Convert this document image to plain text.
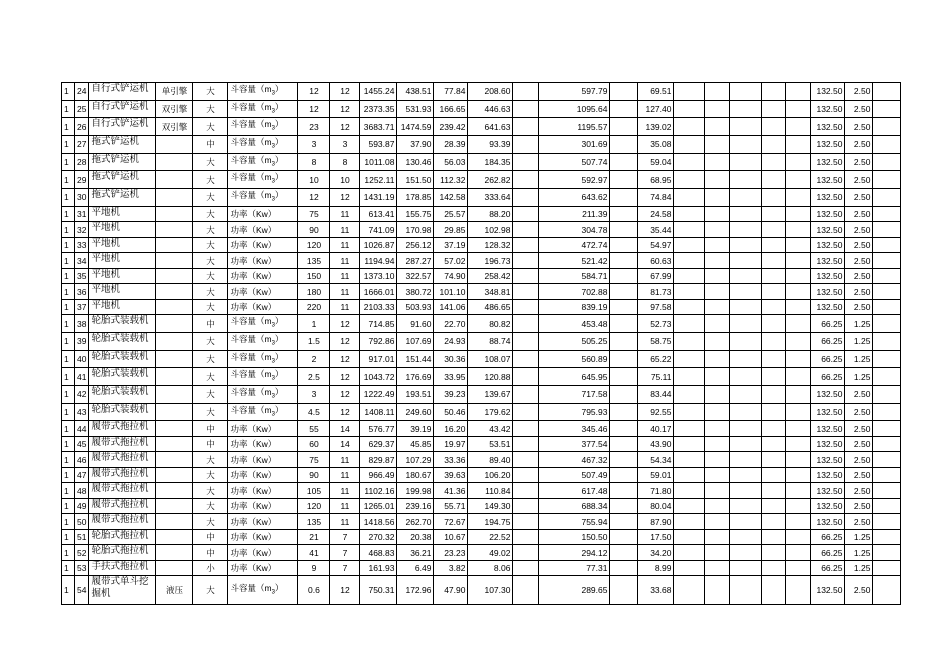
1	24	自行式铲运机	单引擎	大	斗容量$(m_3)$	12	12	1455.24	438.51	77.84	208.60		597.79		69.51						132.50	2.50	
1	25	自行式铲运机	双引擎	大	斗容量$(m_3)$	12	12	2373.35	531.93	166.65	446.63		1095.64		127.40						132.50	2.50	
1	26	自行式铲运机	双引擎	大	斗容量$(m_3)$	23	12	3683.71	1474.59	239.42	641.63		1195.57		139.02						132.50	2.50	
1	27	拖式铲运机		中	斗容量$(m_3)$	3	3	593.87	37.90	28.39	93.39		301.69		35.08						132.50	2.50	
1	28	拖式铲运机		大	斗容量$(m_3)$	8	8	1011.08	130.46	56.03	184.35		507.74		59.04						132.50	2.50	
1	29	拖式铲运机		大	斗容量$(m_3)$	10	10	1252.11	151.50	112.32	262.82		592.97		68.95						132.50	2.50	
1	30	拖式铲运机		大	斗容量$(m_3)$	12	12	1431.19	178.85	142.58	333.64		643.62		74.84						132.50	2.50	
1	31	平地机		大	功率（Kw）	75	11	613.41	155.75	25.57	88.20		211.39		24.58						132.50	2.50	
1	32	平地机		大	功率（Kw）	90	11	741.09	170.98	29.85	102.98		304.78		35.44						132.50	2.50	
1	33	平地机		大	功率（Kw）	120	11	1026.87	256.12	37.19	128.32		472.74		54.97						132.50	2.50	
1	34	平地机		大	功率（Kw）	135	11	1194.94	287.27	57.02	196.73		521.42		60.63						132.50	2.50	
1	35	平地机		大	功率（Kw）	150	11	1373.10	322.57	74.90	258.42		584.71		67.99						132.50	2.50	
1	36	平地机		大	功率（Kw）	180	11	1666.01	380.72	101.10	348.81		702.88		81.73						132.50	2.50	
1	37	平地机		大	功率（Kw）	220	11	2103.33	503.93	141.06	486.65		839.19		97.58						132.50	2.50	
1	38	轮胎式装载机		中	斗容量$(m_3)$	1	12	714.85	91.60	22.70	80.82		453.48		52.73						66.25	1.25	
1	39	轮胎式装载机		大	斗容量$(m_3)$	1.5	12	792.86	107.69	24.93	88.74		505.25		58.75						66.25	1.25	
1	40	轮胎式装载机		大	斗容量$(m_3)$	2	12	917.01	151.44	30.36	108.07		560.89		65.22						66.25	1.25	
1	41	轮胎式装载机		大	斗容量$(m_3)$	2.5	12	1043.72	176.69	33.95	120.88		645.95		75.11						66.25	1.25	
1	42	轮胎式装载机		大	斗容量$(m_3)$	3	12	1222.49	193.51	39.23	139.67		717.58		83.44						132.50	2.50	
1	43	轮胎式装载机		大	斗容量$(m_3)$	4.5	12	1408.11	249.60	50.46	179.62		795.93		92.55						132.50	2.50	
1	44	履带式拖拉机		中	功率（Kw）	55	14	576.77	39.19	16.20	43.42		345.46		40.17						132.50	2.50	
1	45	履带式拖拉机		中	功率（Kw）	60	14	629.37	45.85	19.97	53.51		377.54		43.90						132.50	2.50	
1	46	履带式拖拉机		大	功率（Kw）	75	11	829.87	107.29	33.36	89.40		467.32		54.34						132.50	2.50	
1	47	履带式拖拉机		大	功率（Kw）	90	11	966.49	180.67	39.63	106.20		507.49		59.01						132.50	2.50	
1	48	履带式拖拉机		大	功率（Kw）	105	11	1102.16	199.98	41.36	110.84		617.48		71.80						132.50	2.50	
1	49	履带式拖拉机		大	功率（Kw）	120	11	1265.01	239.16	55.71	149.30		688.34		80.04						132.50	2.50	
1	50	履带式拖拉机		大	功率（Kw）	135	11	1418.56	262.70	72.67	194.75		755.94		87.90						132.50	2.50	
1	51	轮胎式拖拉机		中	功率（Kw）	21	7	270.32	20.38	10.67	22.52		150.50		17.50						66.25	1.25	
1	52	轮胎式拖拉机		中	功率（Kw）	41	7	468.83	36.21	23.23	49.02		294.12		34.20						66.25	1.25	
1	53	手扶式拖拉机		小	功率（Kw）	9	7	161.93	6.49	3.82	8.06		77.31		8.99						66.25	1.25	
1	54	履带式单斗挖掘机	液压	大	斗容量$(m_3)$	0.6	12	750.31	172.96	47.90	107.30		289.65		33.68						132.50	2.50	
